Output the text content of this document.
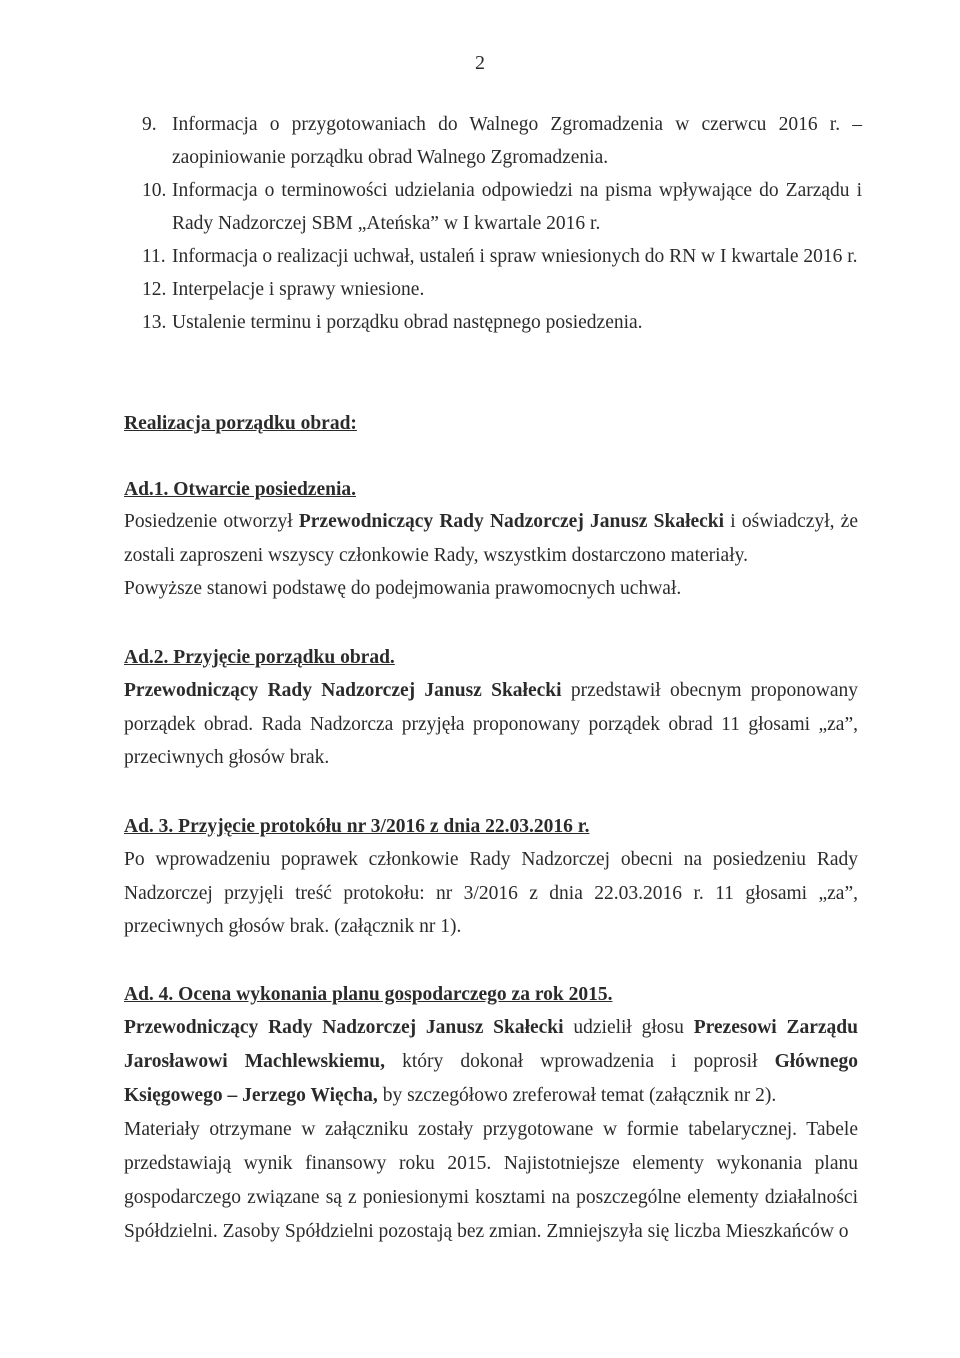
2
9. Informacja o przygotowaniach do Walnego Zgromadzenia w czerwcu 2016 r. – zaopiniowanie porządku obrad Walnego Zgromadzenia.
10. Informacja o terminowości udzielania odpowiedzi na pisma wpływające do Zarządu i Rady Nadzorczej SBM „Ateńska” w I kwartale 2016 r.
11. Informacja o realizacji uchwał, ustaleń i spraw wniesionych do RN w I kwartale 2016 r.
12. Interpelacje i sprawy wniesione.
13. Ustalenie terminu i porządku obrad następnego posiedzenia.
Realizacja porządku obrad:
Ad.1. Otwarcie posiedzenia.
Posiedzenie otworzył Przewodniczący Rady Nadzorczej Janusz Skałecki i oświadczył, że zostali zaproszeni wszyscy członkowie Rady, wszystkim dostarczono materiały.
Powyższe stanowi podstawę do podejmowania prawomocnych uchwał.
Ad.2. Przyjęcie porządku obrad.
Przewodniczący Rady Nadzorczej Janusz Skałecki przedstawił obecnym proponowany porządek obrad. Rada Nadzorcza przyjęła proponowany porządek obrad 11 głosami „za”, przeciwnych głosów brak.
Ad. 3. Przyjęcie protokółu nr 3/2016 z dnia 22.03.2016 r.
Po wprowadzeniu poprawek członkowie Rady Nadzorczej obecni na posiedzeniu Rady Nadzorczej przyjęli treść protokołu: nr 3/2016 z dnia 22.03.2016 r. 11 głosami „za”, przeciwnych głosów brak. (załącznik nr 1).
Ad. 4. Ocena wykonania planu gospodarczego za rok 2015.
Przewodniczący Rady Nadzorczej Janusz Skałecki udzielił głosu Prezesowi Zarządu Jarosławowi Machlewskiemu, który dokonał wprowadzenia i poprosił Głównego Księgowego – Jerzego Więcha, by szczegółowo zreferował temat (załącznik nr 2).
Materiały otrzymane w załączniku zostały przygotowane w formie tabelarycznej. Tabele przedstawiają wynik finansowy roku 2015. Najistotniejsze elementy wykonania planu gospodarczego związane są z poniesionymi kosztami na poszczególne elementy działalności Spółdzielni. Zasoby Spółdzielni pozostają bez zmian. Zmniejszyła się liczba Mieszkańców o
